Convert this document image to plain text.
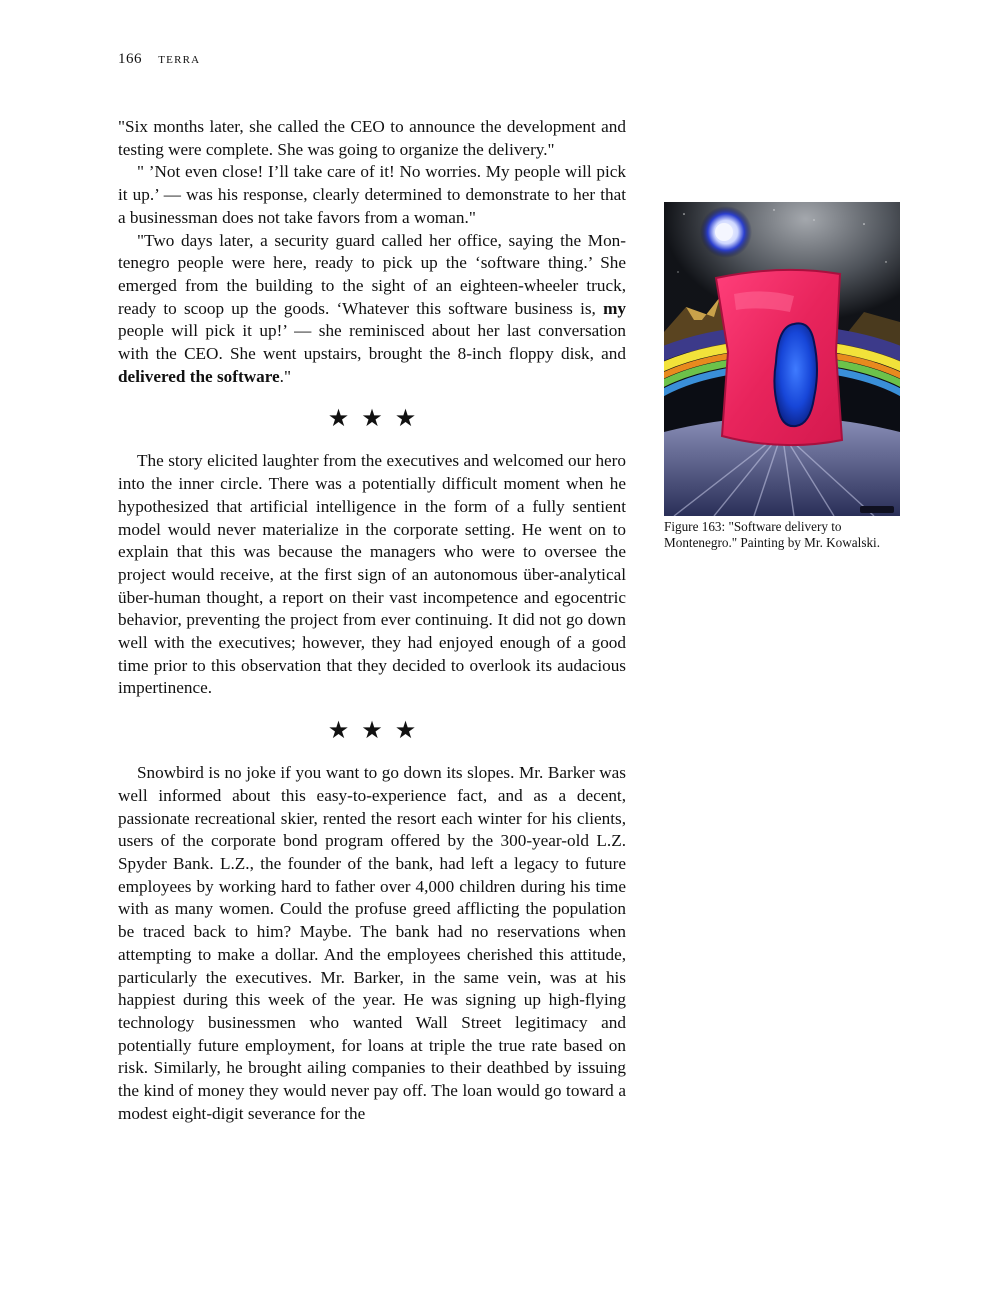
166 terra

"Six months later, she called the CEO to announce the development and testing were complete. She was going to organize the delivery."

" ’Not even close! I’ll take care of it! No worries. My people will pick it up.’ — was his response, clearly determined to demonstrate to her that a businessman does not take favors from a woman."

"Two days later, a security guard called her office, saying the Montenegro people were here, ready to pick up the ‘software thing.’ She emerged from the building to the sight of an eighteen-wheeler truck, ready to scoop up the goods. ‘Whatever this software business is, my people will pick it up!’ — she reminisced about her last conversation with the CEO. She went upstairs, brought the 8-inch floppy disk, and delivered the software."

★★★

The story elicited laughter from the executives and welcomed our hero into the inner circle. There was a potentially difficult moment when he hypothesized that artificial intelligence in the form of a fully sentient model would never materialize in the corporate setting. He went on to explain that this was because the managers who were to oversee the project would receive, at the first sign of an autonomous über-analytical über-human thought, a report on their vast incompetence and egocentric behavior, preventing the project from ever continuing. It did not go down well with the executives; however, they had enjoyed enough of a good time prior to this observation that they decided to overlook its audacious impertinence.

★★★

Snowbird is no joke if you want to go down its slopes. Mr. Barker was well informed about this easy-to-experience fact, and as a decent, passionate recreational skier, rented the resort each winter for his clients, users of the corporate bond program offered by the 300-year-old L.Z. Spyder Bank. L.Z., the founder of the bank, had left a legacy to future employees by working hard to father over 4,000 children during his time with as many women. Could the profuse greed afflicting the population be traced back to him? Maybe. The bank had no reservations when attempting to make a dollar. And the employees cherished this attitude, particularly the executives. Mr. Barker, in the same vein, was at his happiest during this week of the year. He was signing up high-flying technology businessmen who wanted Wall Street legitimacy and potentially future employment, for loans at triple the true rate based on risk. Similarly, he brought ailing companies to their deathbed by issuing the kind of money they would never pay off. The loan would go toward a modest eight-digit severance for the

Figure 163: "Software delivery to Montenegro." Painting by Mr. Kowalski.
